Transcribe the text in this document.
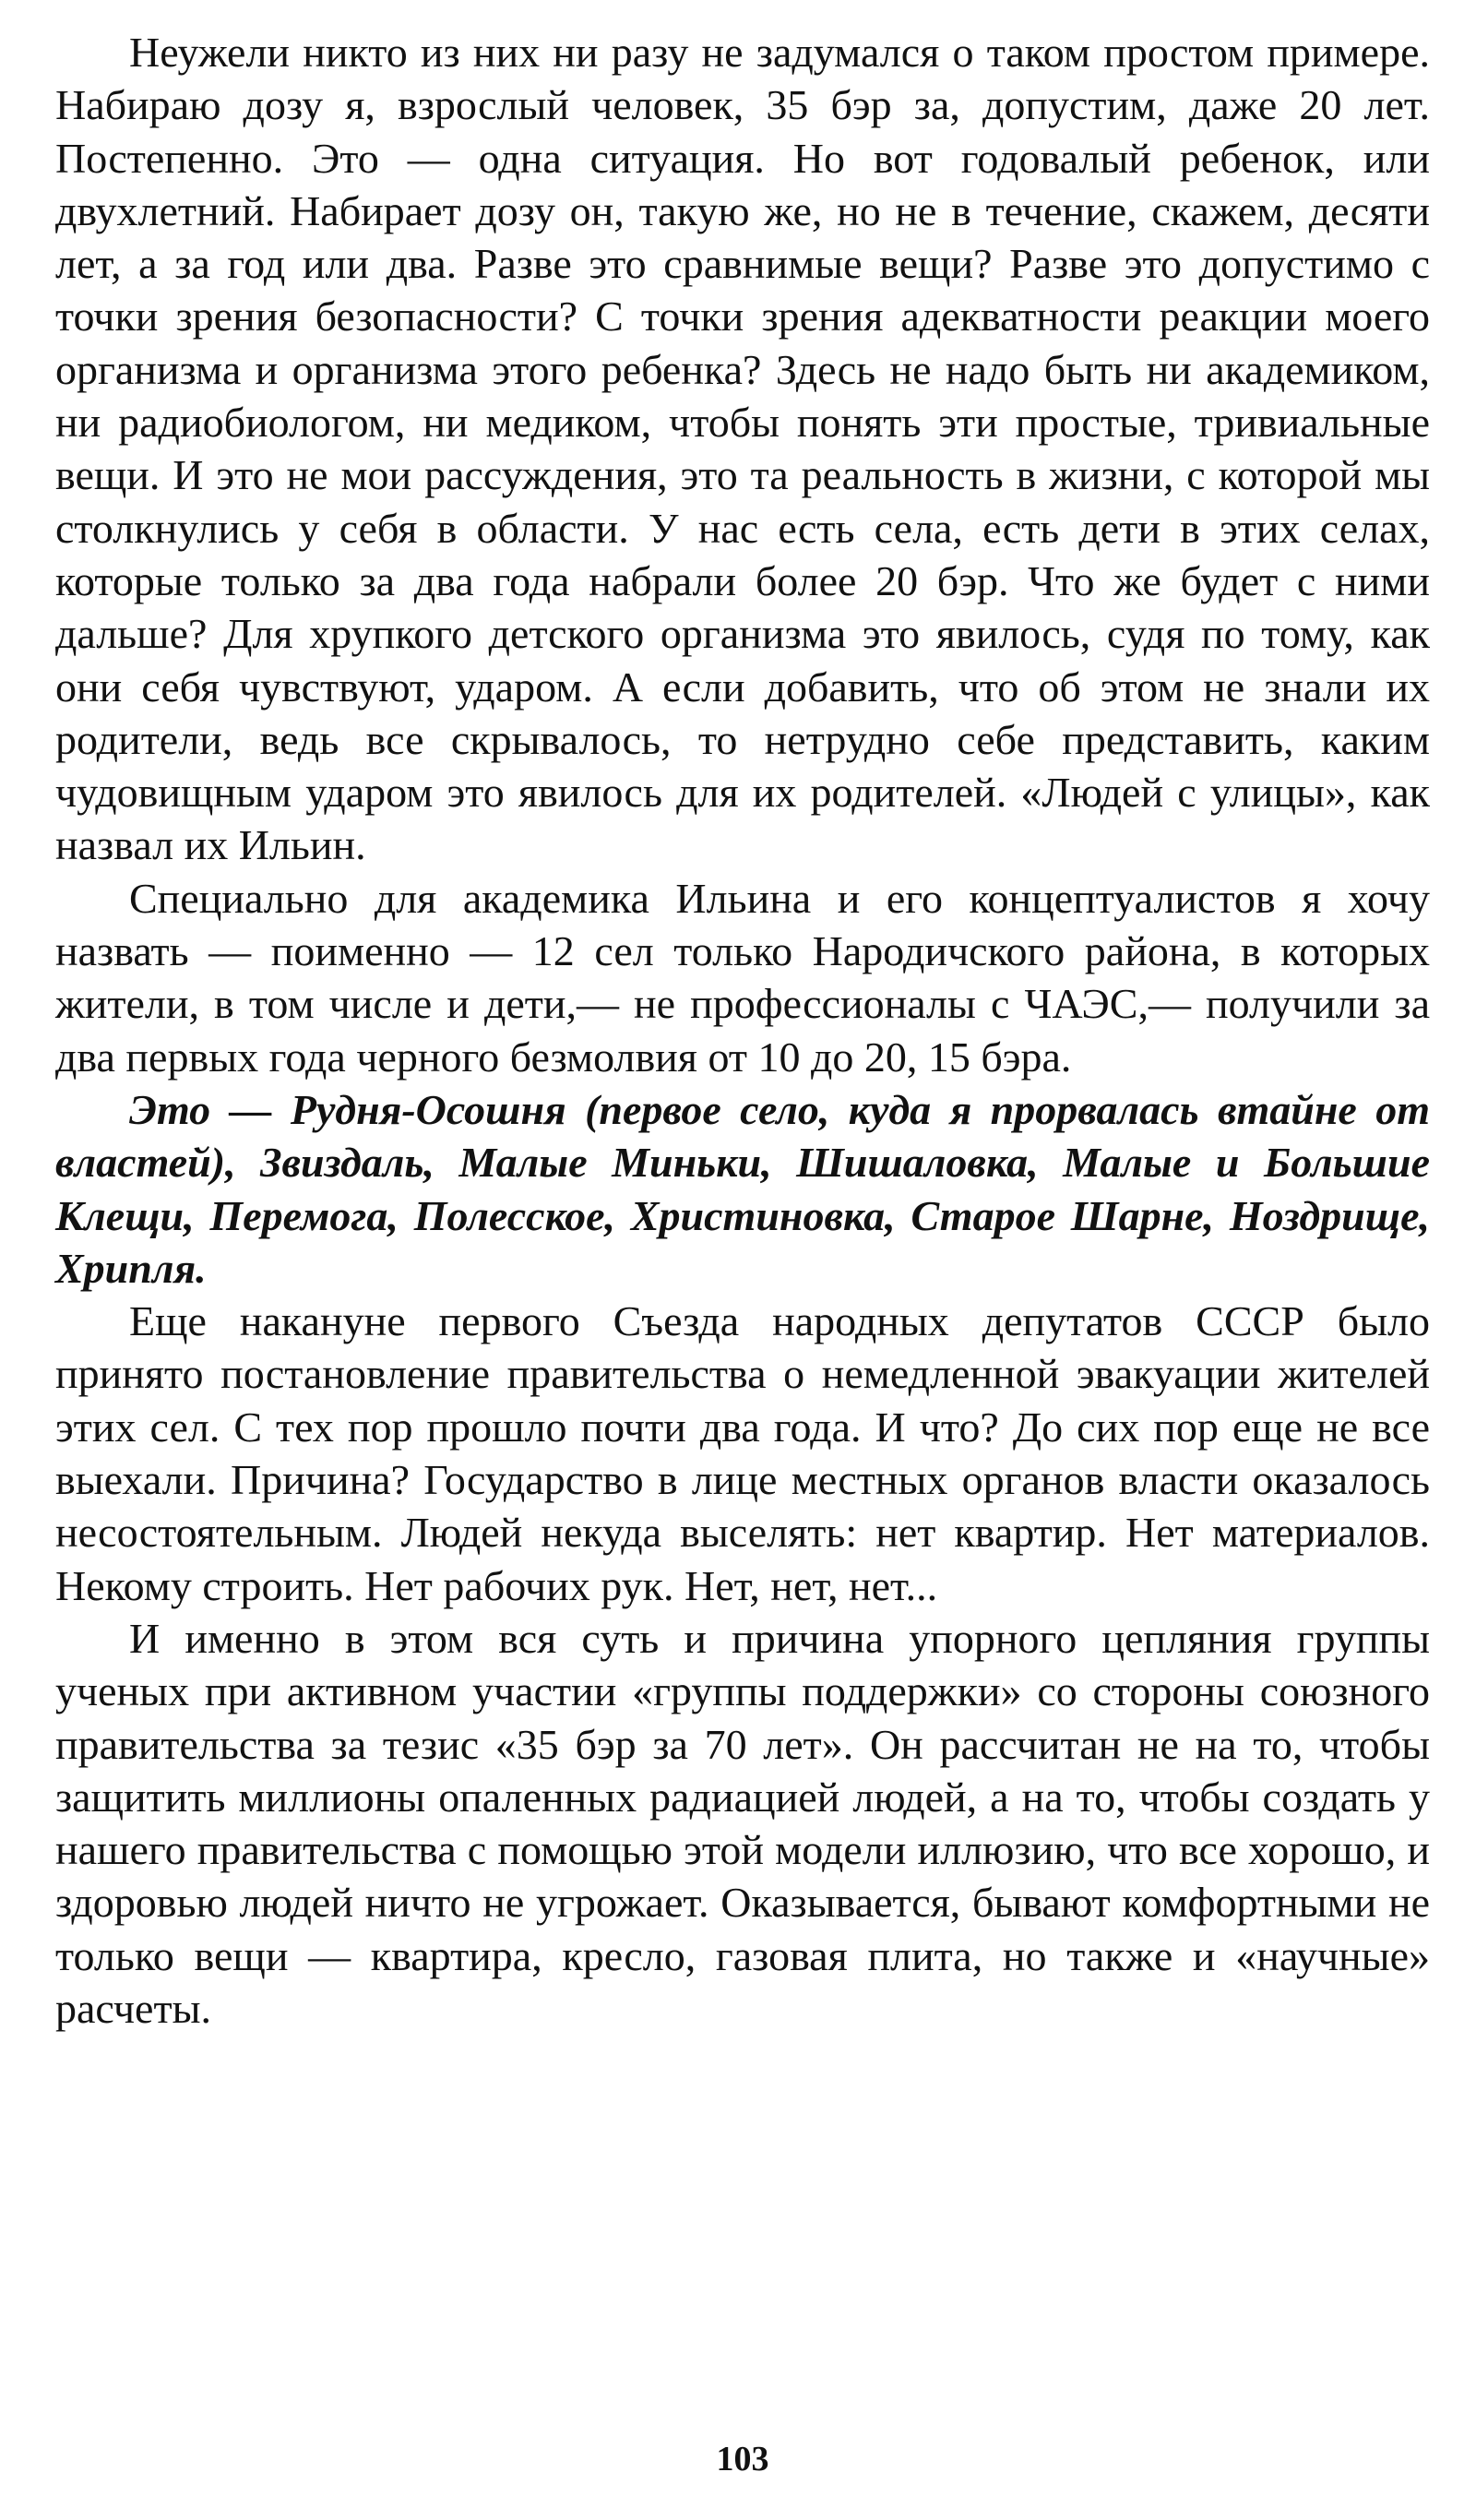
Неужели никто из них ни разу не задумался о таком простом примере. Набираю дозу я, взрослый человек, 35 бэр за, допустим, даже 20 лет. Постепенно. Это — одна ситуация. Но вот годовалый ребенок, или двухлетний. Набирает дозу он, такую же, но не в течение, скажем, десяти лет, а за год или два. Разве это сравнимые вещи? Разве это допустимо с точки зрения безопасности? С точки зрения адекватности реакции моего организма и организма этого ребенка? Здесь не надо быть ни академиком, ни радиобиологом, ни медиком, чтобы понять эти простые, тривиальные вещи. И это не мои рассуждения, это та реальность в жизни, с которой мы столкнулись у себя в области. У нас есть села, есть дети в этих селах, которые только за два года набрали более 20 бэр. Что же будет с ними дальше? Для хрупкого детского организма это явилось, судя по тому, как они себя чувствуют, ударом. А если добавить, что об этом не знали их родители, ведь все скрывалось, то нетрудно себе представить, каким чудовищным ударом это явилось для их родителей. «Людей с улицы», как назвал их Ильин.

Специально для академика Ильина и его концептуалистов я хочу назвать — поименно — 12 сел только Народичского района, в которых жители, в том числе и дети,— не профессионалы с ЧАЭС,— получили за два первых года черного безмолвия от 10 до 20, 15 бэра.

Это — Рудня-Осошня (первое село, куда я прорвалась втайне от властей), Звиздаль, Малые Миньки, Шишаловка, Малые и Большие Клещи, Перемога, Полесское, Христиновка, Старое Шарне, Ноздрище, Хрипля.

Еще накануне первого Съезда народных депутатов СССР было принято постановление правительства о немедленной эвакуации жителей этих сел. С тех пор прошло почти два года. И что? До сих пор еще не все выехали. Причина? Государство в лице местных органов власти оказалось несостоятельным. Людей некуда выселять: нет квартир. Нет материалов. Некому строить. Нет рабочих рук. Нет, нет, нет...

И именно в этом вся суть и причина упорного цепляния группы ученых при активном участии «группы поддержки» со стороны союзного правительства за тезис «35 бэр за 70 лет». Он рассчитан не на то, чтобы защитить миллионы опаленных радиацией людей, а на то, чтобы создать у нашего правительства с помощью этой модели иллюзию, что все хорошо, и здоровью людей ничто не угрожает. Оказывается, бывают комфортными не только вещи — квартира, кресло, газовая плита, но также и «научные» расчеты.

103
